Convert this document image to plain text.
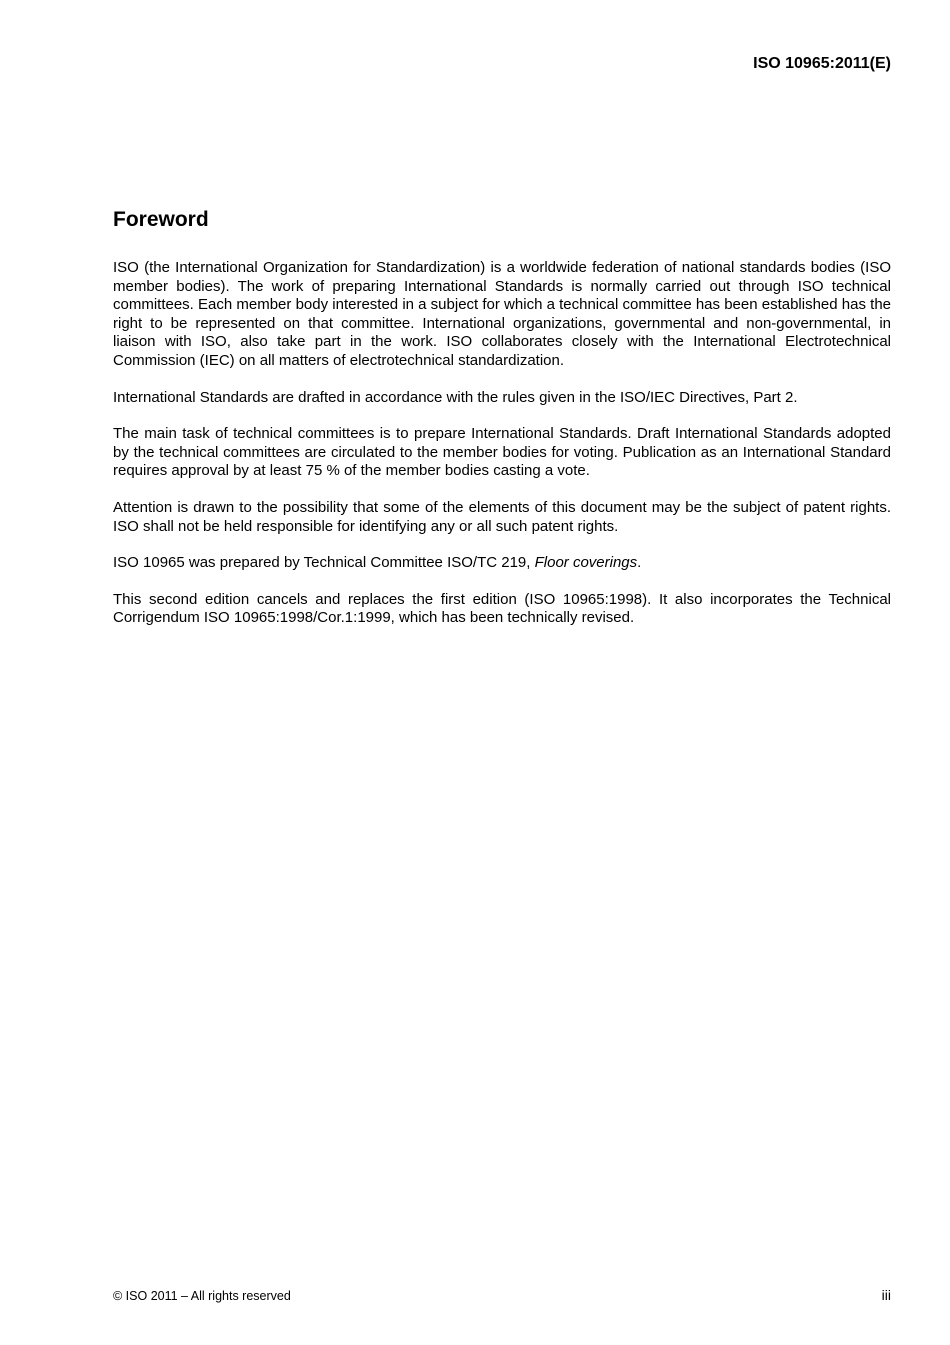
ISO 10965:2011(E)

Foreword

ISO (the International Organization for Standardization) is a worldwide federation of national standards bodies (ISO member bodies). The work of preparing International Standards is normally carried out through ISO technical committees. Each member body interested in a subject for which a technical committee has been established has the right to be represented on that committee. International organizations, governmental and non-governmental, in liaison with ISO, also take part in the work. ISO collaborates closely with the International Electrotechnical Commission (IEC) on all matters of electrotechnical standardization.

International Standards are drafted in accordance with the rules given in the ISO/IEC Directives, Part 2.

The main task of technical committees is to prepare International Standards. Draft International Standards adopted by the technical committees are circulated to the member bodies for voting. Publication as an International Standard requires approval by at least 75 % of the member bodies casting a vote.

Attention is drawn to the possibility that some of the elements of this document may be the subject of patent rights. ISO shall not be held responsible for identifying any or all such patent rights.

ISO 10965 was prepared by Technical Committee ISO/TC 219, Floor coverings.

This second edition cancels and replaces the first edition (ISO 10965:1998). It also incorporates the Technical Corrigendum ISO 10965:1998/Cor.1:1999, which has been technically revised.

© ISO 2011 – All rights reserved	iii
